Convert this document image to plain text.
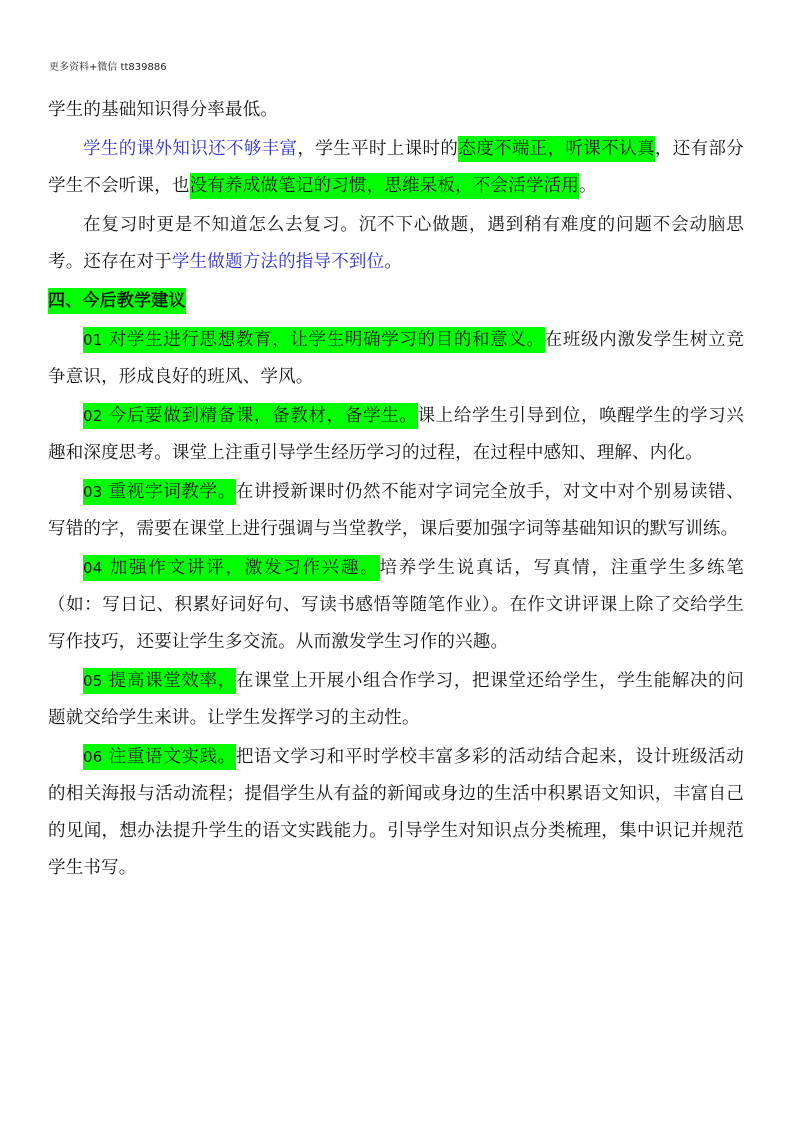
更多资料+微信 tt839886

学生的基础知识得分率最低。

学生的课外知识还不够丰富，学生平时上课时的态度不端正，听课不认真，还有部分学生不会听课，也没有养成做笔记的习惯，思维呆板，不会活学活用。

在复习时更是不知道怎么去复习。沉不下心做题，遇到稍有难度的问题不会动脑思考。还存在对于学生做题方法的指导不到位。

四、今后教学建议

01 对学生进行思想教育，让学生明确学习的目的和意义。在班级内激发学生树立竞争意识，形成良好的班风、学风。

02 今后要做到精备课，备教材，备学生。课上给学生引导到位，唤醒学生的学习兴趣和深度思考。课堂上注重引导学生经历学习的过程，在过程中感知、理解、内化。

03 重视字词教学。在讲授新课时仍然不能对字词完全放手，对文中对个别易读错、写错的字，需要在课堂上进行强调与当堂教学，课后要加强字词等基础知识的默写训练。

04 加强作文讲评，激发习作兴趣。培养学生说真话，写真情，注重学生多练笔（如：写日记、积累好词好句、写读书感悟等随笔作业）。在作文讲评课上除了交给学生写作技巧，还要让学生多交流。从而激发学生习作的兴趣。

05 提高课堂效率，在课堂上开展小组合作学习，把课堂还给学生，学生能解决的问题就交给学生来讲。让学生发挥学习的主动性。

06 注重语文实践。把语文学习和平时学校丰富多彩的活动结合起来，设计班级活动的相关海报与活动流程；提倡学生从有益的新闻或身边的生活中积累语文知识，丰富自己的见闻，想办法提升学生的语文实践能力。引导学生对知识点分类梳理，集中识记并规范学生书写。
